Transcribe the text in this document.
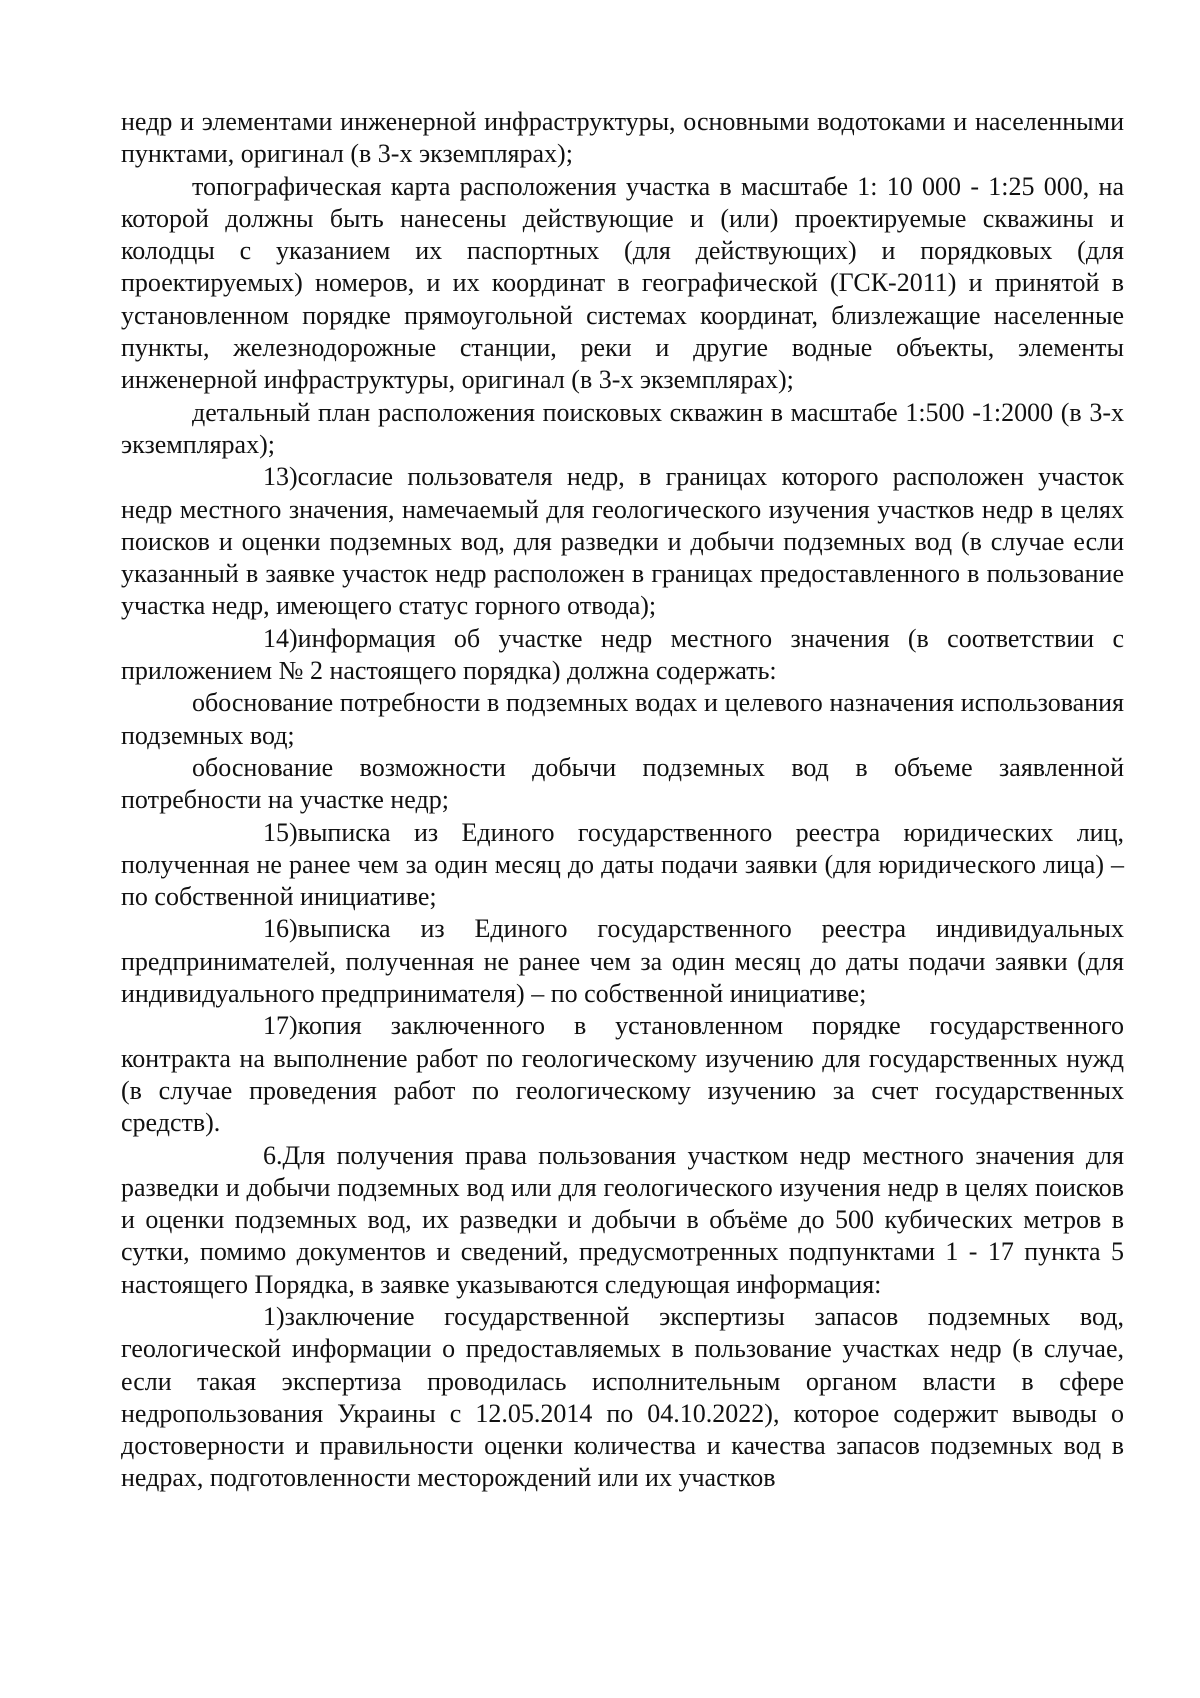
недр и элементами инженерной инфраструктуры, основными водотоками и населенными пунктами, оригинал (в 3-х экземплярах);

топографическая карта расположения участка в масштабе 1: 10 000 - 1:25 000, на которой должны быть нанесены действующие и (или) проектируемые скважины и колодцы с указанием их паспортных (для действующих) и порядковых (для проектируемых) номеров, и их координат в географической (ГСК-2011) и принятой в установленном порядке прямоугольной системах координат, близлежащие населенные пункты, железнодорожные станции, реки и другие водные объекты, элементы инженерной инфраструктуры, оригинал (в 3-х экземплярах);

детальный план расположения поисковых скважин в масштабе 1:500 -1:2000 (в 3-х экземплярах);

13)согласие пользователя недр, в границах которого расположен участок недр местного значения, намечаемый для геологического изучения участков недр в целях поисков и оценки подземных вод, для разведки и добычи подземных вод (в случае если указанный в заявке участок недр расположен в границах предоставленного в пользование участка недр, имеющего статус горного отвода);

14)информация об участке недр местного значения (в соответствии с приложением № 2 настоящего порядка) должна содержать:

обоснование потребности в подземных водах и целевого назначения использования подземных вод;

обоснование возможности добычи подземных вод в объеме заявленной потребности на участке недр;

15)выписка из Единого государственного реестра юридических лиц, полученная не ранее чем за один месяц до даты подачи заявки (для юридического лица) – по собственной инициативе;

16)выписка из Единого государственного реестра индивидуальных предпринимателей, полученная не ранее чем за один месяц до даты подачи заявки (для индивидуального предпринимателя) – по собственной инициативе;

17)копия заключенного в установленном порядке государственного контракта на выполнение работ по геологическому изучению для государственных нужд (в случае проведения работ по геологическому изучению за счет государственных средств).

6.Для получения права пользования участком недр местного значения для разведки и добычи подземных вод или для геологического изучения недр в целях поисков и оценки подземных вод, их разведки и добычи в объёме до 500 кубических метров в сутки, помимо документов и сведений, предусмотренных подпунктами 1 - 17 пункта 5 настоящего Порядка, в заявке указываются следующая информация:

1)заключение государственной экспертизы запасов подземных вод, геологической информации о предоставляемых в пользование участках недр (в случае, если такая экспертиза проводилась исполнительным органом власти в сфере недропользования Украины с 12.05.2014 по 04.10.2022), которое содержит выводы о достоверности и правильности оценки количества и качества запасов подземных вод в недрах, подготовленности месторождений или их участков
